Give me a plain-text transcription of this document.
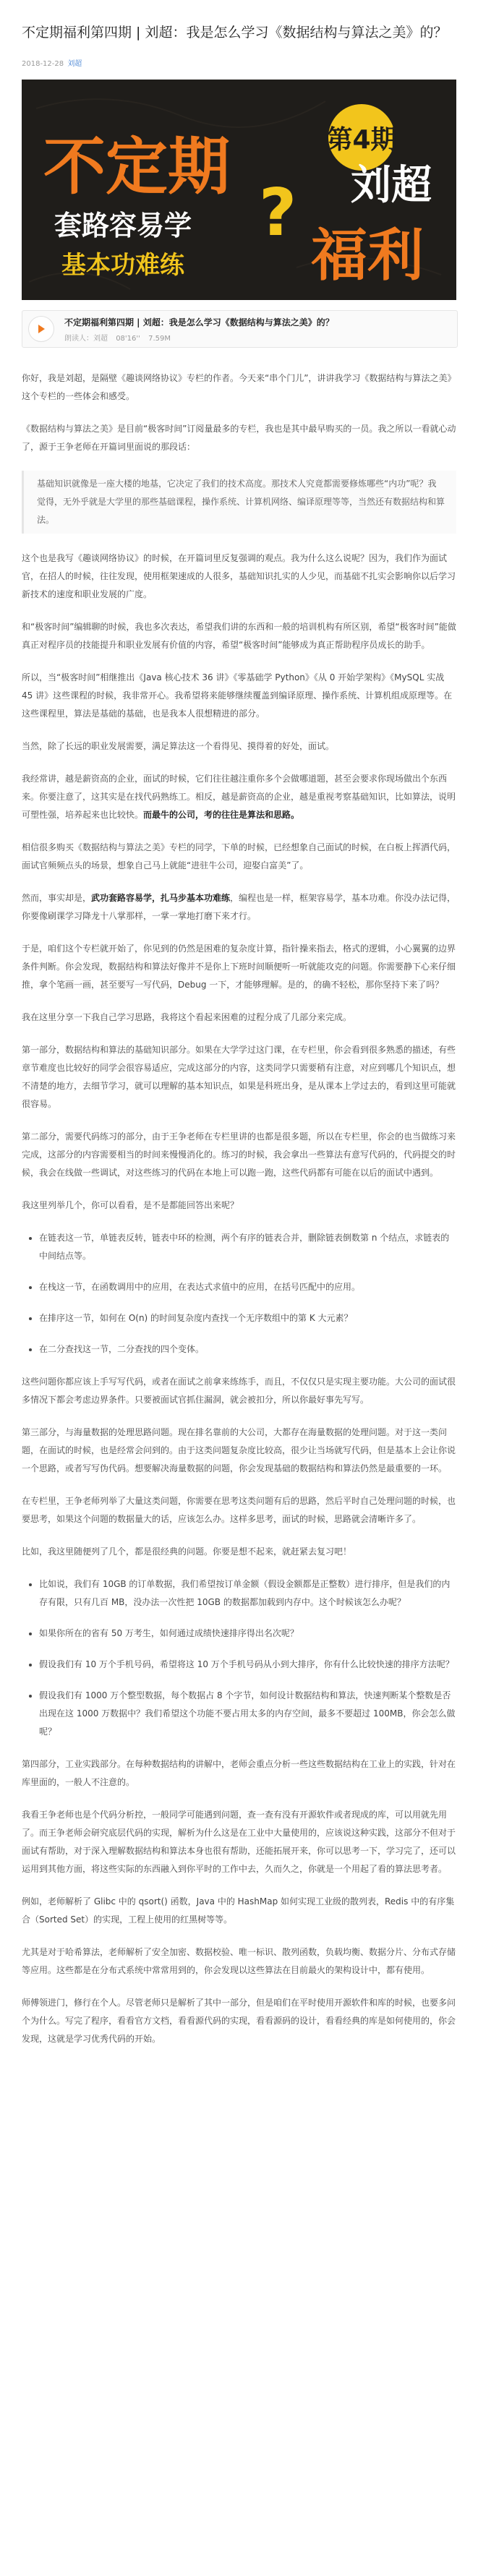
不定期福利第四期 | 刘超：我是怎么学习《数据结构与算法之美》的？
2018-12-28 刘超
第4期
不定期	刘超
?
福利
套路容易学
基本功难练
不定期福利第四期 | 刘超：我是怎么学习《数据结构与算法之美》的？
朗读人：刘超 08'16'' 7.59M

你好，我是刘超，是隔壁《趣谈网络协议》专栏的作者。今天来“串个门儿”，讲讲我学习《数据结构与算法之美》这个专栏的一些体会和感受。

《数据结构与算法之美》是目前“极客时间”订阅量最多的专栏，我也是其中最早购买的一员。我之所以一看就心动了，源于王争老师在开篇词里面说的那段话：

基础知识就像是一座大楼的地基，它决定了我们的技术高度。那技术人究竟都需要修炼哪些“内功”呢？我觉得，无外乎就是大学里的那些基础课程，操作系统、计算机网络、编译原理等等，当然还有数据结构和算法。

这个也是我写《趣谈网络协议》的时候，在开篇词里反复强调的观点。我为什么这么说呢？因为，我们作为面试官，在招人的时候，往往发现，使用框架速成的人很多，基础知识扎实的人少见，而基础不扎实会影响你以后学习新技术的速度和职业发展的广度。

和“极客时间”编辑聊的时候，我也多次表达，希望我们讲的东西和一般的培训机构有所区别，希望“极客时间”能做真正对程序员的技能提升和职业发展有价值的内容，希望“极客时间”能够成为真正帮助程序员成长的助手。

所以，当“极客时间”相继推出《Java 核心技术 36 讲》《零基础学 Python》《从 0 开始学架构》《MySQL 实战 45 讲》这些课程的时候，我非常开心。我希望将来能够继续覆盖到编译原理、操作系统、计算机组成原理等。在这些课程里，算法是基础的基础，也是我本人很想精进的部分。

当然，除了长远的职业发展需要，满足算法这一个看得见、摸得着的好处，面试。

我经常讲，越是薪资高的企业，面试的时候，它们往往越注重你多个会做哪道题，甚至会要求你现场做出个东西来。你要注意了，这其实是在找代码熟练工。相反，越是薪资高的企业，越是重视考察基础知识，比如算法，说明可塑性强，培养起来也比较快。而最牛的公司，考的往往是算法和思路。

相信很多购买《数据结构与算法之美》专栏的同学，下单的时候，已经想象自己面试的时候，在白板上挥洒代码，面试官频频点头的场景，想象自己马上就能“进驻牛公司，迎娶白富美”了。

然而，事实却是，武功套路容易学，扎马步基本功难练，编程也是一样，框架容易学，基本功难。你没办法记得，你要像刷课学习降龙十八掌那样，一掌一掌地打磨下来才行。

于是，咱们这个专栏就开始了，你见到的仍然是困难的复杂度计算，指针操来指去，格式的逻辑，小心翼翼的边界条件判断。你会发现，数据结构和算法好像并不是你上下班时间顺便听一听就能攻克的问题。你需要静下心来仔细推，拿个笔画一画，甚至要写一写代码，Debug 一下，才能够理解。是的，的确不轻松，那你坚持下来了吗？

我在这里分享一下我自己学习思路，我将这个看起来困难的过程分成了几部分来完成。

第一部分，数据结构和算法的基础知识部分。如果在大学学过这门课，在专栏里，你会看到很多熟悉的描述，有些章节难度也比较好的同学会很容易适应，完成这部分的内容，这类同学只需要稍有注意，对应到哪几个知识点，想不清楚的地方，去细节学习，就可以理解的基本知识点，如果是科班出身，是从课本上学过去的，看到这里可能就很容易。

第二部分，需要代码练习的部分，由于王争老师在专栏里讲的也都是很多题，所以在专栏里，你会的也当做练习来完成，这部分的内容需要相当的时间来慢慢消化的。练习的时候，我会拿出一些算法有意写代码的，代码提交的时候，我会在线做一些调试，对这些练习的代码在本地上可以跑一跑，这些代码都有可能在以后的面试中遇到。

我这里列举几个，你可以看看，是不是都能回答出来呢？

• 在链表这一节，单链表反转，链表中环的检测，两个有序的链表合并，删除链表倒数第 n 个结点，求链表的中间结点等。
• 在栈这一节，在函数调用中的应用，在表达式求值中的应用，在括号匹配中的应用。
• 在排序这一节，如何在 O(n) 的时间复杂度内查找一个无序数组中的第 K 大元素？
• 在二分查找这一节，二分查找的四个变体。

这些问题你都应该上手写写代码，或者在面试之前拿来练练手，而且，不仅仅只是实现主要功能。大公司的面试很多情况下都会考虑边界条件。只要被面试官抓住漏洞，就会被扣分，所以你最好事先写写。

第三部分，与海量数据的处理思路问题。现在排名靠前的大公司，大都存在海量数据的处理问题。对于这一类问题，在面试的时候，也是经常会问到的。由于这类问题复杂度比较高，很少让当场就写代码，但是基本上会让你说一个思路，或者写写伪代码。想要解决海量数据的问题，你会发现基础的数据结构和算法仍然是最重要的一环。

在专栏里，王争老师列举了大量这类问题，你需要在思考这类问题有后的思路，然后平时自己处理问题的时候，也要思考，如果这个问题的数据量大的话，应该怎么办。这样多思考，面试的时候，思路就会清晰许多了。

比如，我这里随便列了几个，都是很经典的问题。你要是想不起来，就赶紧去复习吧！

• 比如说，我们有 10GB 的订单数据，我们希望按订单金额（假设金额都是正整数）进行排序，但是我们的内存有限，只有几百 MB，没办法一次性把 10GB 的数据都加载到内存中。这个时候该怎么办呢？
• 如果你所在的省有 50 万考生，如何通过成绩快速排序得出名次呢？
• 假设我们有 10 万个手机号码，希望将这 10 万个手机号码从小到大排序，你有什么比较快速的排序方法呢？
• 假设我们有 1000 万个整型数据，每个数据占 8 个字节，如何设计数据结构和算法，快速判断某个整数是否出现在这 1000 万数据中？我们希望这个功能不要占用太多的内存空间，最多不要超过 100MB，你会怎么做呢？

第四部分，工业实践部分。在每种数据结构的讲解中，老师会重点分析一些这些数据结构在工业上的实践，针对在库里面的，一般人不注意的。

我看王争老师也是个代码分析控，一般同学可能遇到问题，查一查有没有开源软件或者现成的库，可以用就先用了。而王争老师会研究底层代码的实现，解析为什么这是在工业中大量使用的，应该说这种实践，这部分不但对于面试有帮助，对于深入理解数据结构和算法本身也很有帮助，还能拓展开来，你可以思考一下，学习完了，还可以运用到其他方面，将这些实际的东西融入到你平时的工作中去，久而久之，你就是一个用起了看的算法思考者。

例如，老师解析了 Glibc 中的 qsort() 函数，Java 中的 HashMap 如何实现工业级的散列表，Redis 中的有序集合（Sorted Set）的实现，工程上使用的红黑树等等。

尤其是对于哈希算法，老师解析了安全加密、数据校验、唯一标识、散列函数，负载均衡、数据分片、分布式存储等应用。这些都是在分布式系统中常常用到的，你会发现以这些算法在目前最火的架构设计中，都有使用。

师傅领进门，修行在个人。尽管老师只是解析了其中一部分，但是咱们在平时使用开源软件和库的时候，也要多问个为什么。写完了程序，看看官方文档，看看源代码的实现，看看源码的设计，看看经典的库是如何使用的，你会发现，这就是学习优秀代码的开始。
